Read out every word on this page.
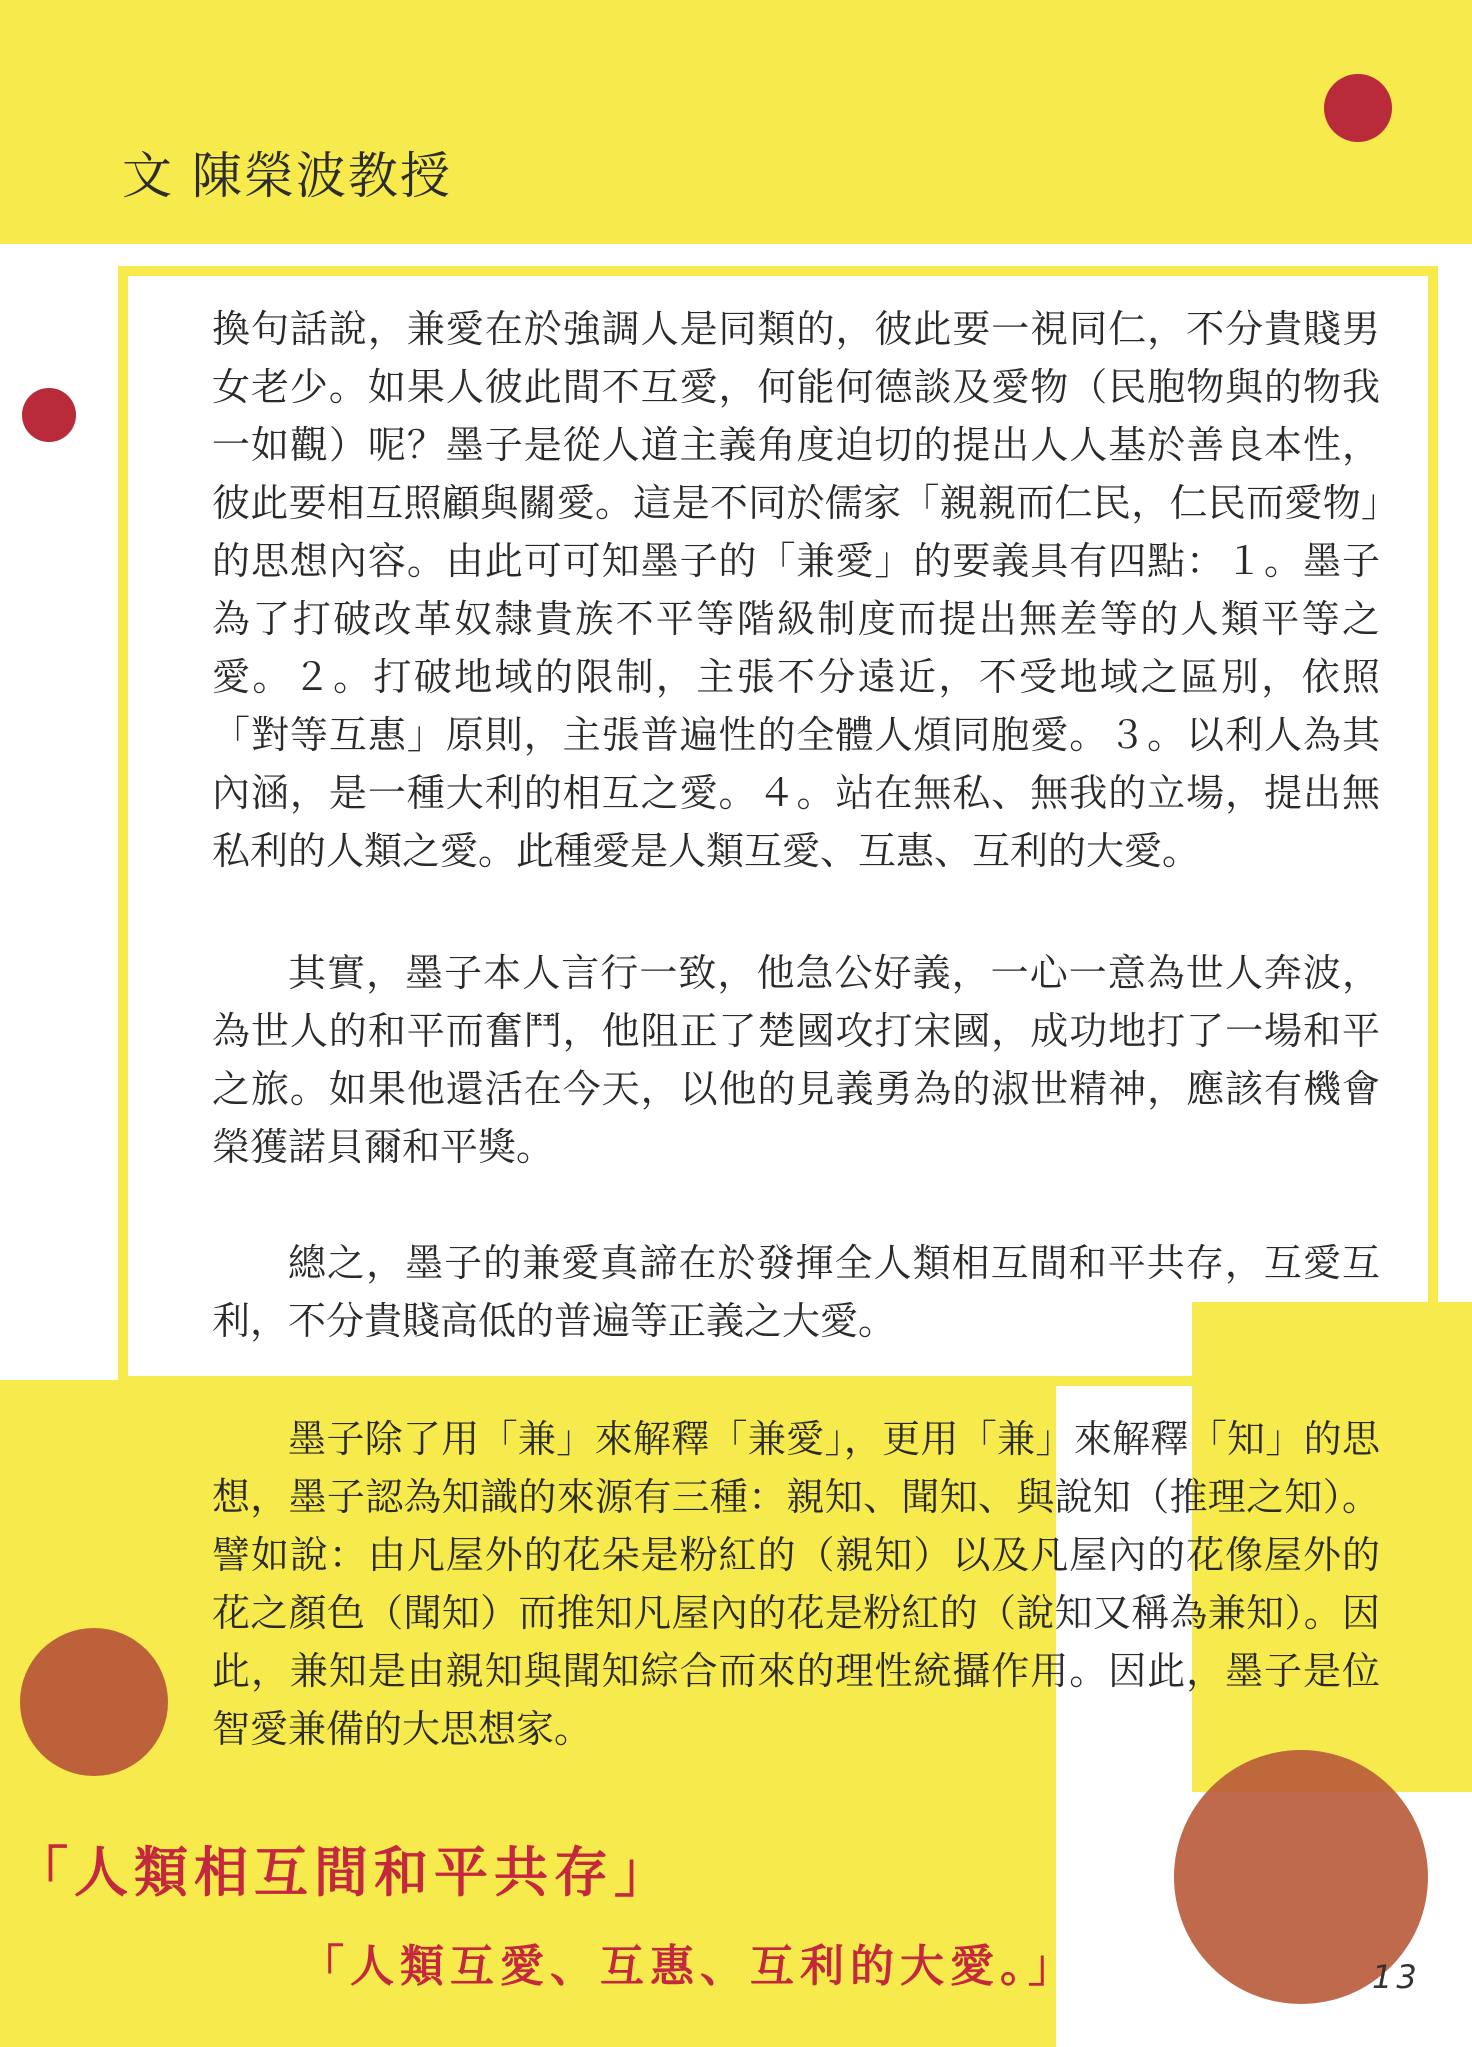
文 陳榮波教授

換句話說，兼愛在於強調人是同類的，彼此要一視同仁，不分貴賤男女老少。如果人彼此間不互愛，何能何德談及愛物（民胞物與的物我一如觀）呢？墨子是從人道主義角度迫切的提出人人基於善良本性，彼此要相互照顧與關愛。這是不同於儒家「親親而仁民，仁民而愛物」的思想內容。由此可可知墨子的「兼愛」的要義具有四點：１。墨子為了打破改革奴隸貴族不平等階級制度而提出無差等的人類平等之愛。２。打破地域的限制，主張不分遠近，不受地域之區別，依照「對等互惠」原則，主張普遍性的全體人煩同胞愛。３。以利人為其內涵，是一種大利的相互之愛。４。站在無私、無我的立場，提出無私利的人類之愛。此種愛是人類互愛、互惠、互利的大愛。

其實，墨子本人言行一致，他急公好義，一心一意為世人奔波，為世人的和平而奮鬥，他阻正了楚國攻打宋國，成功地打了一場和平之旅。如果他還活在今天，以他的見義勇為的淑世精神，應該有機會榮獲諾貝爾和平獎。

總之，墨子的兼愛真諦在於發揮全人類相互間和平共存，互愛互利，不分貴賤高低的普遍等正義之大愛。

墨子除了用「兼」來解釋「兼愛」，更用「兼」來解釋「知」的思想，墨子認為知識的來源有三種：親知、聞知、與說知（推理之知）。譬如說：由凡屋外的花朵是粉紅的（親知）以及凡屋內的花像屋外的花之顏色（聞知）而推知凡屋內的花是粉紅的（說知又稱為兼知）。因此，兼知是由親知與聞知綜合而來的理性統攝作用。因此，墨子是位智愛兼備的大思想家。

「人類相互間和平共存」
「人類互愛、互惠、互利的大愛。」	13
